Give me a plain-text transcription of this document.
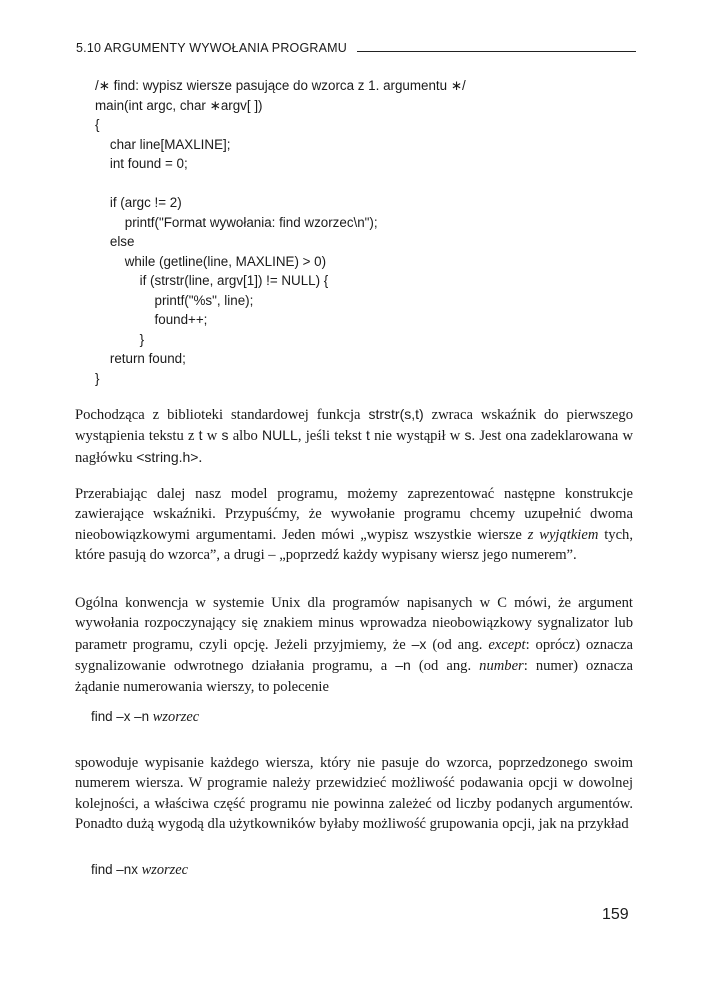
5.10 ARGUMENTY WYWOŁANIA PROGRAMU
/∗ find: wypisz wiersze pasujące do wzorca z 1. argumentu ∗/
main(int argc, char ∗argv[ ])
{
char line[MAXLINE];
int found = 0;
if (argc != 2)
printf("Format wywołania: find wzorzec\n");
else
while (getline(line, MAXLINE) > 0)
if (strstr(line, argv[1]) != NULL) {
printf("%s", line);
found++;
}
return found;
}

Pochodząca z biblioteki standardowej funkcja strstr(s,t) zwraca wskaźnik do pierwszego wystąpienia tekstu z t w s albo NULL, jeśli tekst t nie wystąpił w s. Jest ona zadeklarowana w nagłówku <string.h>.

Przerabiając dalej nasz model programu, możemy zaprezentować następne konstrukcje zawierające wskaźniki. Przypuśćmy, że wywołanie programu chcemy uzupełnić dwoma nieobowiązkowymi argumentami. Jeden mówi „wypisz wszystkie wiersze z wyjątkiem tych, które pasują do wzorca”, a drugi – „poprzedź każdy wypisany wiersz jego numerem”.

Ogólna konwencja w systemie Unix dla programów napisanych w C mówi, że argument wywołania rozpoczynający się znakiem minus wprowadza nieobowiązkowy sygnalizator lub parametr programu, czyli opcję. Jeżeli przyjmiemy, że –x (od ang. except: oprócz) oznacza sygnalizowanie odwrotnego działania programu, a –n (od ang. number: numer) oznacza żądanie numerowania wierszy, to polecenie

find –x –n wzorzec

spowoduje wypisanie każdego wiersza, który nie pasuje do wzorca, poprzedzonego swoim numerem wiersza. W programie należy przewidzieć możliwość podawania opcji w dowolnej kolejności, a właściwa część programu nie powinna zależeć od liczby podanych argumentów. Ponadto dużą wygodą dla użytkowników byłaby możliwość grupowania opcji, jak na przykład

find –nx wzorzec
159
